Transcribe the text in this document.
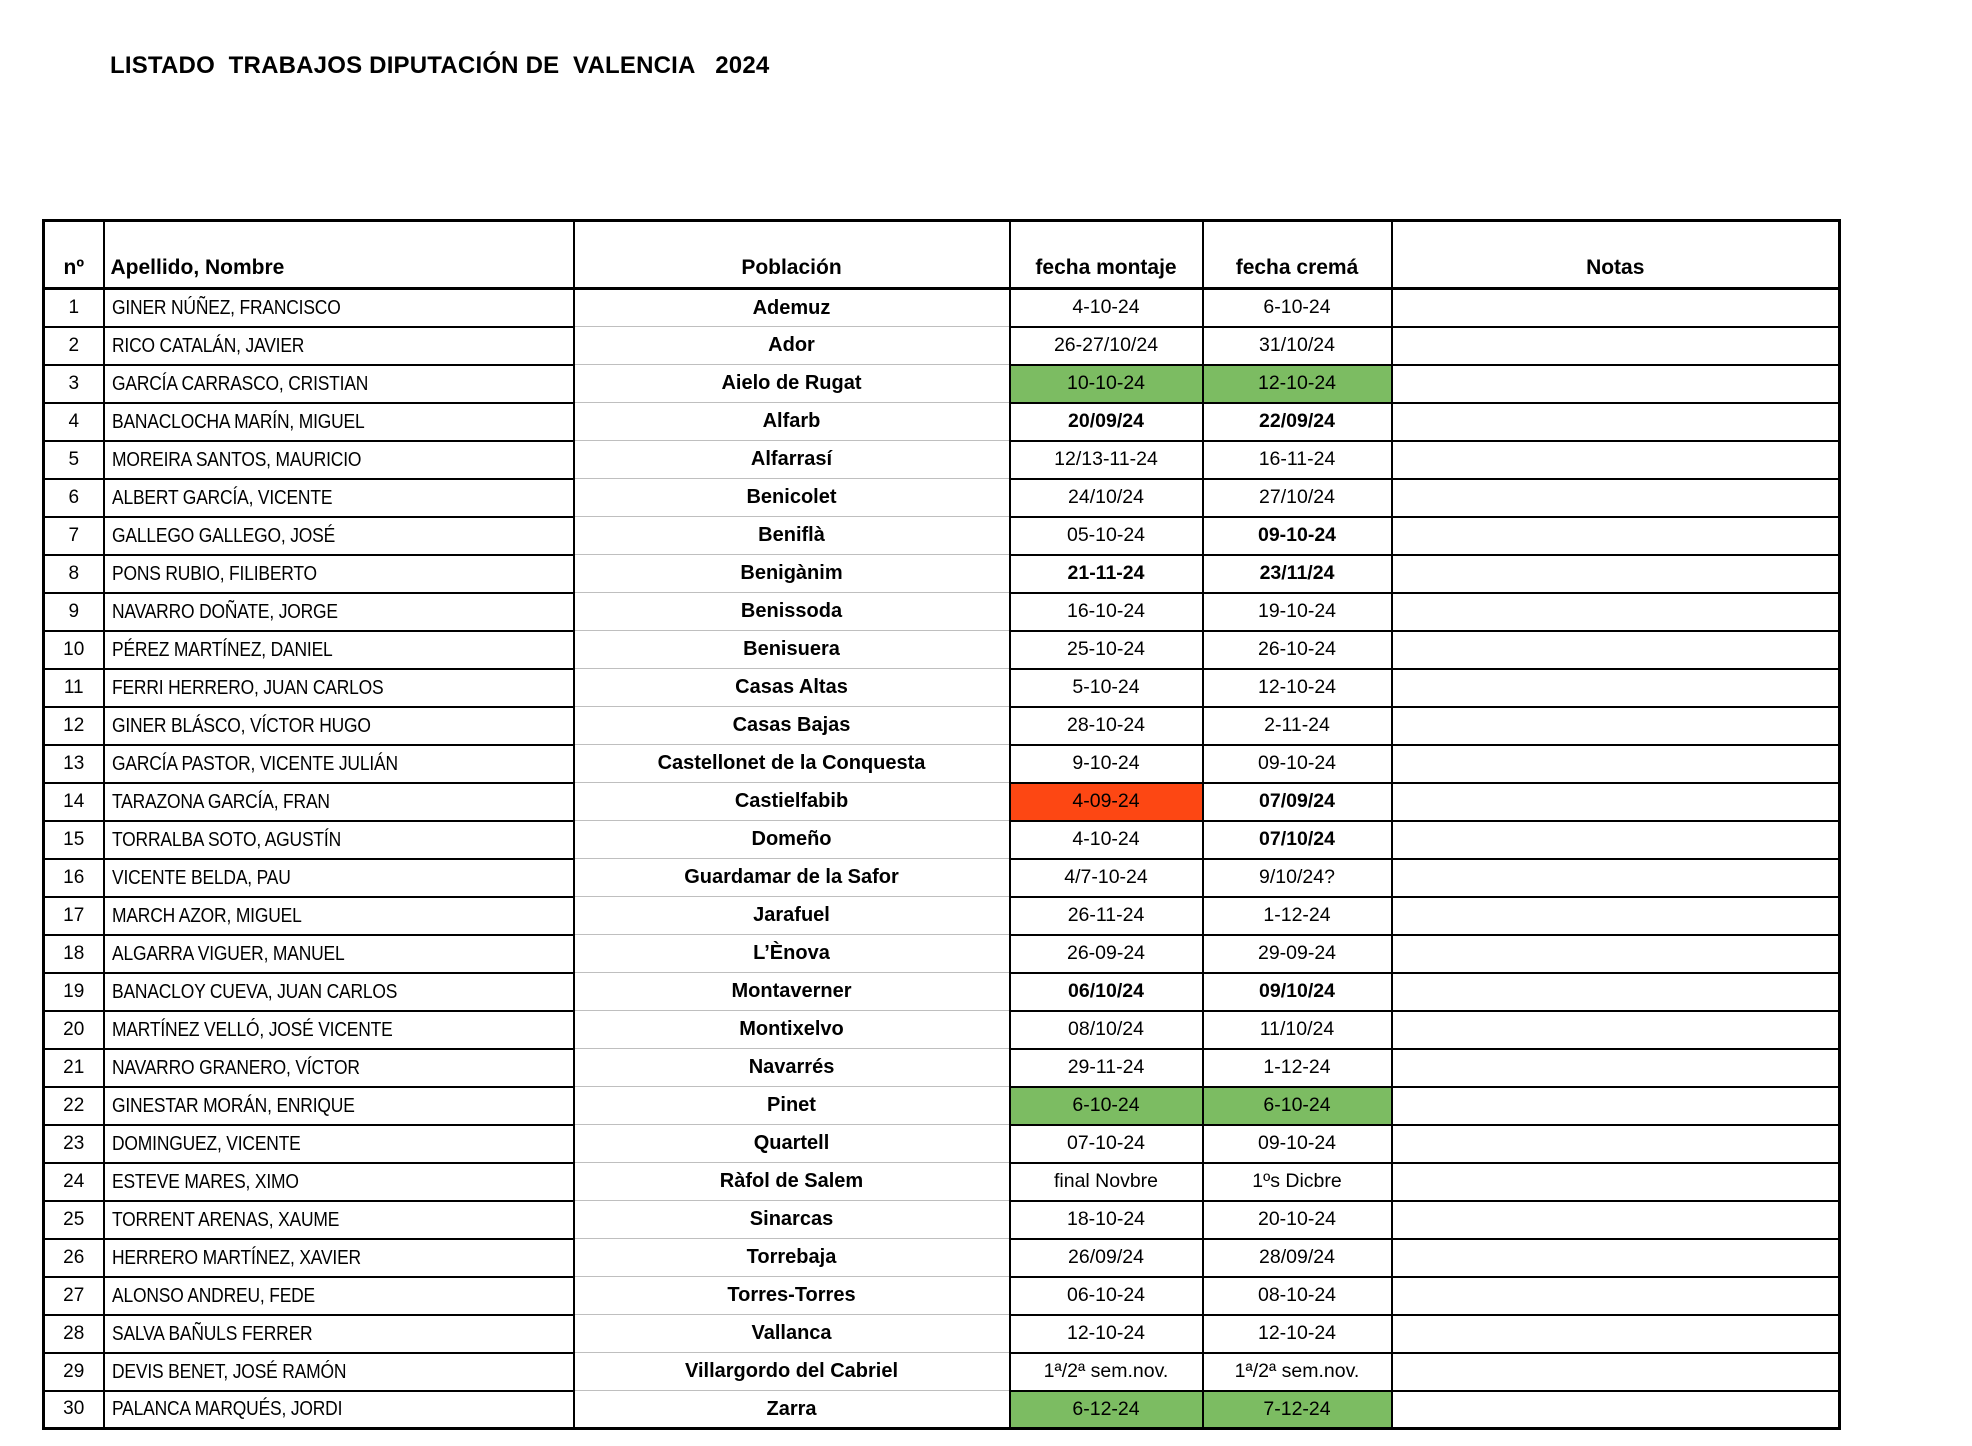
LISTADO  TRABAJOS DIPUTACIÓN DE  VALENCIA   2024
nº	Apellido, Nombre	Población	fecha montaje	fecha cremá	Notas
1	GINER NÚÑEZ, FRANCISCO	Ademuz	4-10-24	6-10-24	
2	RICO CATALÁN, JAVIER	Ador	26-27/10/24	31/10/24	
3	GARCÍA CARRASCO, CRISTIAN	Aielo de Rugat	10-10-24	12-10-24	
4	BANACLOCHA MARÍN, MIGUEL	Alfarb	20/09/24	22/09/24	
5	MOREIRA SANTOS, MAURICIO	Alfarrasí	12/13-11-24	16-11-24	
6	ALBERT GARCÍA, VICENTE	Benicolet	24/10/24	27/10/24	
7	GALLEGO GALLEGO, JOSÉ	Beniflà	05-10-24	09-10-24	
8	PONS RUBIO, FILIBERTO	Benigànim	21-11-24	23/11/24	
9	NAVARRO DOÑATE, JORGE	Benissoda	16-10-24	19-10-24	
10	PÉREZ MARTÍNEZ, DANIEL	Benisuera	25-10-24	26-10-24	
11	FERRI HERRERO, JUAN CARLOS	Casas Altas	5-10-24	12-10-24	
12	GINER BLÁSCO, VÍCTOR HUGO	Casas Bajas	28-10-24	2-11-24	
13	GARCÍA PASTOR, VICENTE JULIÁN	Castellonet de la Conquesta	9-10-24	09-10-24	
14	TARAZONA GARCÍA, FRAN	Castielfabib	4-09-24	07/09/24	
15	TORRALBA SOTO, AGUSTÍN	Domeño	4-10-24	07/10/24	
16	VICENTE BELDA, PAU	Guardamar de la Safor	4/7-10-24	9/10/24?	
17	MARCH AZOR, MIGUEL	Jarafuel	26-11-24	1-12-24	
18	ALGARRA VIGUER, MANUEL	L’Ènova	26-09-24	29-09-24	
19	BANACLOY CUEVA, JUAN CARLOS	Montaverner	06/10/24	09/10/24	
20	MARTÍNEZ VELLÓ, JOSÉ VICENTE	Montixelvo	08/10/24	11/10/24	
21	NAVARRO GRANERO, VÍCTOR	Navarrés	29-11-24	1-12-24	
22	GINESTAR MORÁN, ENRIQUE	Pinet	6-10-24	6-10-24	
23	DOMINGUEZ, VICENTE	Quartell	07-10-24	09-10-24	
24	ESTEVE MARES, XIMO	Ràfol de Salem	final Novbre	1ºs Dicbre	
25	TORRENT ARENAS, XAUME	Sinarcas	18-10-24	20-10-24	
26	HERRERO MARTÍNEZ, XAVIER	Torrebaja	26/09/24	28/09/24	
27	ALONSO ANDREU, FEDE	Torres-Torres	06-10-24	08-10-24	
28	SALVA BAÑULS FERRER	Vallanca	12-10-24	12-10-24	
29	DEVIS BENET, JOSÉ RAMÓN	Villargordo del Cabriel	1ª/2ª sem.nov.	1ª/2ª sem.nov.	
30	PALANCA MARQUÉS, JORDI	Zarra	6-12-24	7-12-24	
